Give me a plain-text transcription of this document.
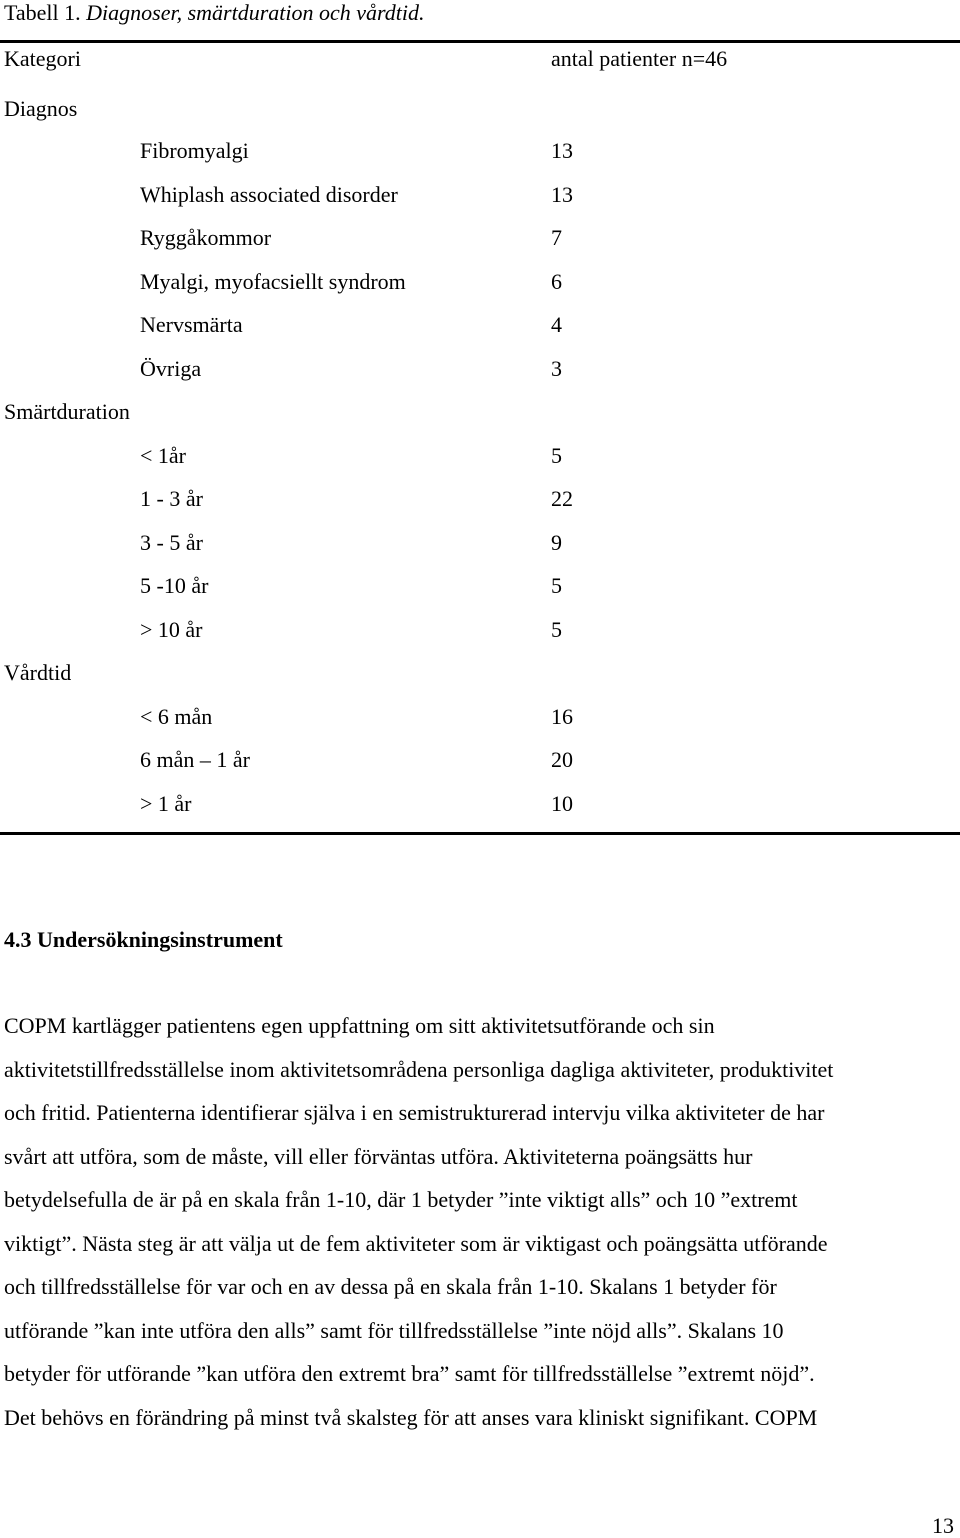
Tabell 1. Diagnoser, smärtduration och vårdtid.
Kategori	antal patienter n=46
Diagnos
Fibromyalgi	13
Whiplash associated disorder	13
Ryggåkommor	7
Myalgi, myofacsiellt syndrom	6
Nervsmärta	4
Övriga	3
Smärtduration
< 1år	5
1 - 3 år	22
3 - 5 år	9
5 -10 år	5
> 10 år	5
Vårdtid
< 6 mån	16
6 mån – 1 år	20
> 1 år	10
4.3 Undersökningsinstrument
COPM kartlägger patientens egen uppfattning om sitt aktivitetsutförande och sin
aktivitetstillfredsställelse inom aktivitetsområdena personliga dagliga aktiviteter, produktivitet
och fritid. Patienterna identifierar själva i en semistrukturerad intervju vilka aktiviteter de har
svårt att utföra, som de måste, vill eller förväntas utföra. Aktiviteterna poängsätts hur
betydelsefulla de är på en skala från 1-10, där 1 betyder ”inte viktigt alls” och 10 ”extremt
viktigt”. Nästa steg är att välja ut de fem aktiviteter som är viktigast och poängsätta utförande
och tillfredsställelse för var och en av dessa på en skala från 1-10. Skalans 1 betyder för
utförande ”kan inte utföra den alls” samt för tillfredsställelse ”inte nöjd alls”. Skalans 10
betyder för utförande ”kan utföra den extremt bra” samt för tillfredsställelse ”extremt nöjd”.
Det behövs en förändring på minst två skalsteg för att anses vara kliniskt signifikant. COPM
13
